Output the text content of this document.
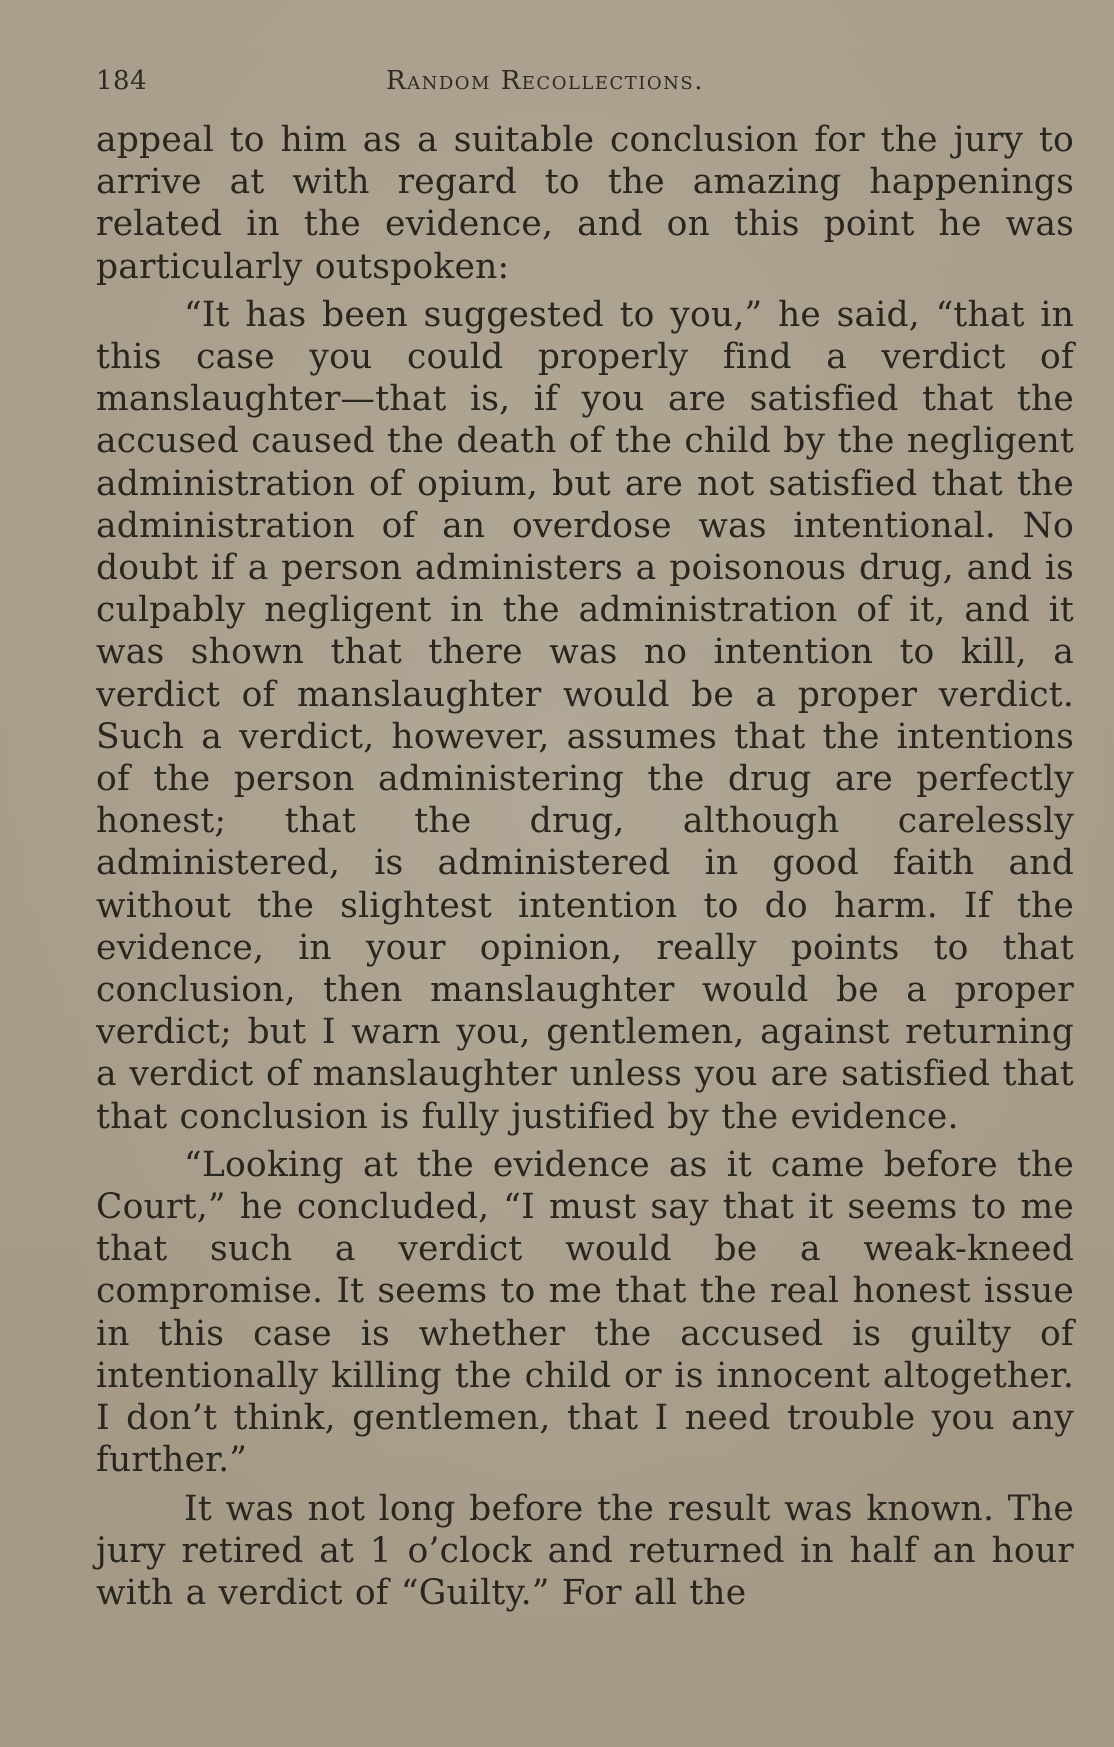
184	Random Recollections.

appeal to him as a suitable conclusion for the jury to arrive at with regard to the amazing happenings related in the evidence, and on this point he was particularly outspoken:

“It has been suggested to you,” he said, “that in this case you could properly find a verdict of manslaughter—that is, if you are satisfied that the accused caused the death of the child by the negligent administration of opium, but are not satisfied that the administration of an overdose was intentional. No doubt if a person administers a poisonous drug, and is culpably negligent in the administration of it, and it was shown that there was no intention to kill, a verdict of manslaughter would be a proper verdict. Such a verdict, however, assumes that the intentions of the person administering the drug are perfectly honest; that the drug, although carelessly administered, is administered in good faith and without the slightest intention to do harm. If the evidence, in your opinion, really points to that conclusion, then manslaughter would be a proper verdict; but I warn you, gentlemen, against returning a verdict of manslaughter unless you are satisfied that that conclusion is fully justified by the evidence.

“Looking at the evidence as it came before the Court,” he concluded, “I must say that it seems to me that such a verdict would be a weak-kneed compromise. It seems to me that the real honest issue in this case is whether the accused is guilty of intentionally killing the child or is innocent altogether. I don’t think, gentlemen, that I need trouble you any further.”

It was not long before the result was known. The jury retired at 1 o’clock and returned in half an hour with a verdict of “Guilty.” For all the
